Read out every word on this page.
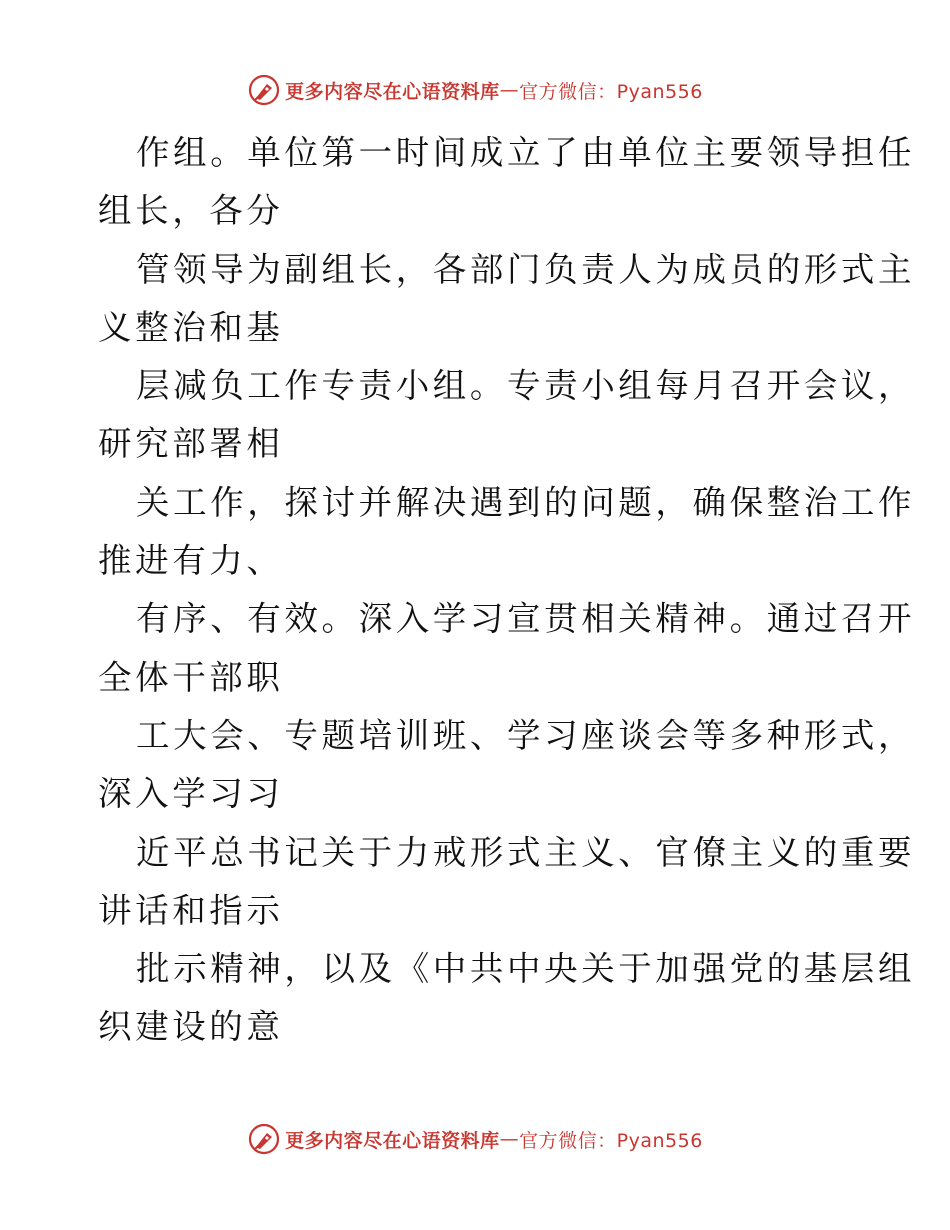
更多内容尽在心语资料库 — 官方微信：Pyan556
作组。单位第一时间成立了由单位主要领导担任
组长，各分
管领导为副组长，各部门负责人为成员的形式主
义整治和基
层减负工作专责小组。专责小组每月召开会议，
研究部署相
关工作，探讨并解决遇到的问题，确保整治工作
推进有力、
有序、有效。深入学习宣贯相关精神。通过召开
全体干部职
工大会、专题培训班、学习座谈会等多种形式，
深入学习习
近平总书记关于力戒形式主义、官僚主义的重要
讲话和指示
批示精神，以及《中共中央关于加强党的基层组
织建设的意
更多内容尽在心语资料库 — 官方微信：Pyan556
